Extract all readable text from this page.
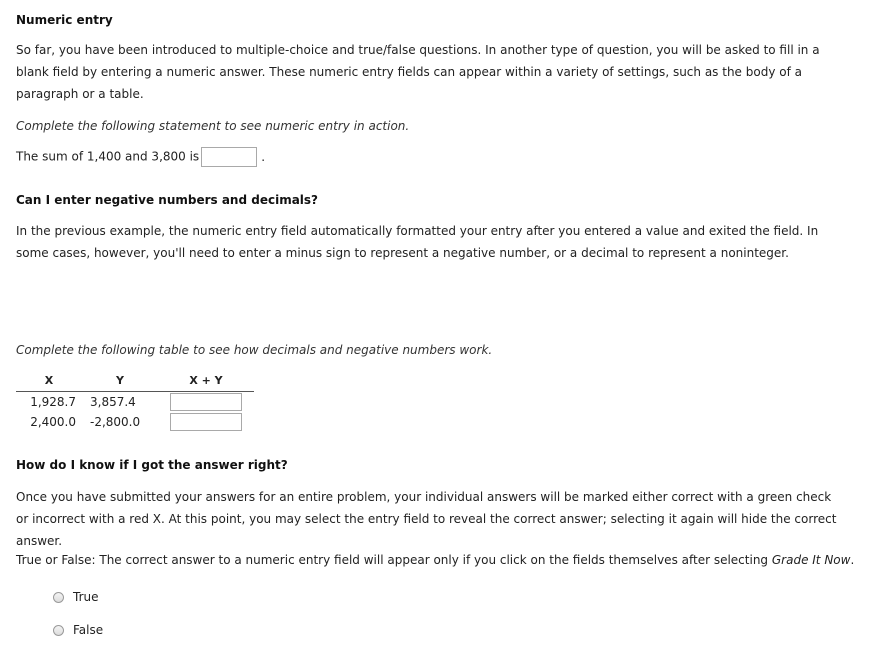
Numeric entry

So far, you have been introduced to multiple-choice and true/false questions. In another type of question, you will be asked to fill in a blank field by entering a numeric answer. These numeric entry fields can appear within a variety of settings, such as the body of a paragraph or a table.

Complete the following statement to see numeric entry in action.
The sum of 1,400 and 3,800 is	.
Can I enter negative numbers and decimals?

In the previous example, the numeric entry field automatically formatted your entry after you entered a value and exited the field. In some cases, however, you'll need to enter a minus sign to represent a negative number, or a decimal to represent a noninteger.

Complete the following table to see how decimals and negative numbers work.
X	Y	X + Y
1,928.7	3,857.4	
2,400.0	-2,800.0	
How do I know if I got the answer right?

Once you have submitted your answers for an entire problem, your individual answers will be marked either correct with a green check or incorrect with a red X. At this point, you may select the entry field to reveal the correct answer; selecting it again will hide the correct answer.

True or False: The correct answer to a numeric entry field will appear only if you click on the fields themselves after selecting Grade It Now.
True
False
